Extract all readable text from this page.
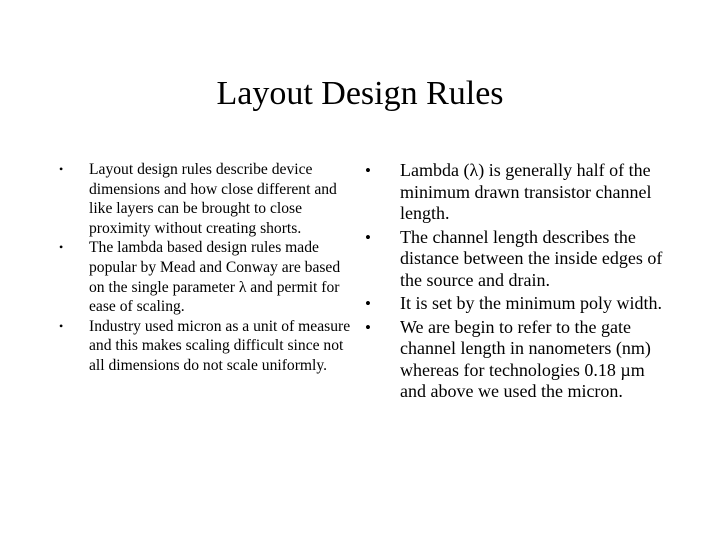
Layout Design Rules
• Layout design rules describe device dimensions and how close different and like layers can be brought to close proximity without creating shorts.
• The lambda based design rules made popular by Mead and Conway are based on the single parameter λ and permit for ease of scaling.
• Industry used micron as a unit of measure and this makes scaling difficult since not all dimensions do not scale uniformly.
• Lambda (λ) is generally half of the minimum drawn transistor channel length.
• The channel length describes the distance between the inside edges of the source and drain.
• It is set by the minimum poly width.
• We are begin to refer to the gate channel length in nanometers (nm) whereas for technologies 0.18 µm and above we used the micron.
